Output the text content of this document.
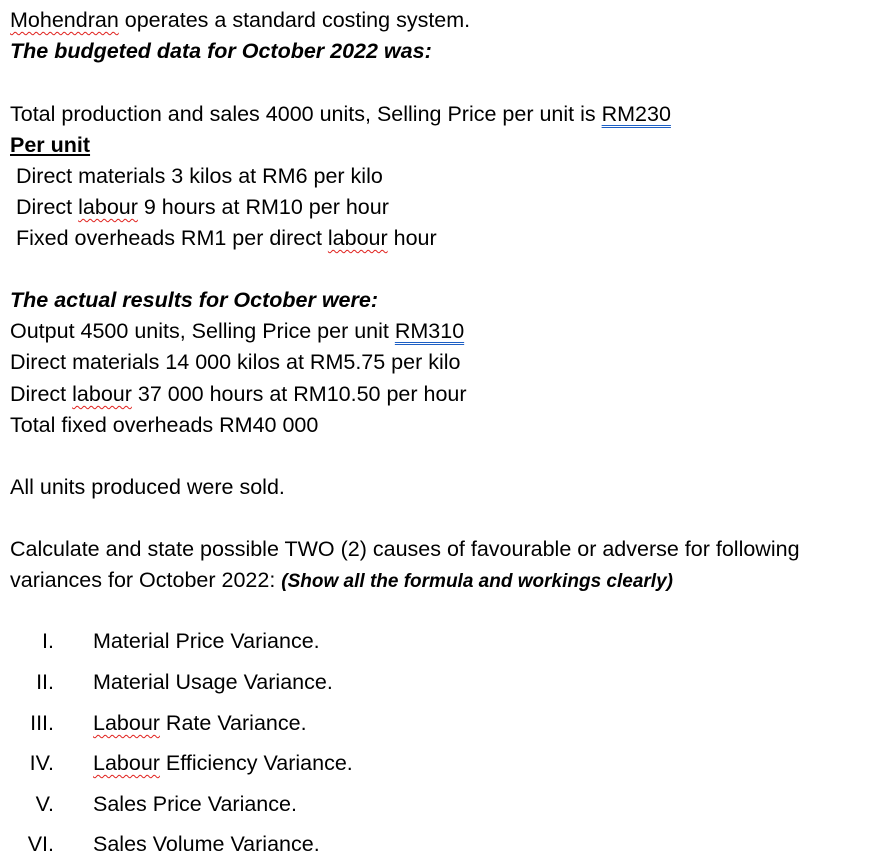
Mohendran operates a standard costing system.
The budgeted data for October 2022 was:
Total production and sales 4000 units, Selling Price per unit is RM230
Per unit
Direct materials 3 kilos at RM6 per kilo
Direct labour 9 hours at RM10 per hour
Fixed overheads RM1 per direct labour hour
The actual results for October were:
Output 4500 units, Selling Price per unit RM310
Direct materials 14 000 kilos at RM5.75 per kilo
Direct labour 37 000 hours at RM10.50 per hour
Total fixed overheads RM40 000
All units produced were sold.
Calculate and state possible TWO (2) causes of favourable or adverse for following
variances for October 2022: (Show all the formula and workings clearly)
I. Material Price Variance.
II. Material Usage Variance.
III. Labour Rate Variance.
IV. Labour Efficiency Variance.
V. Sales Price Variance.
VI. Sales Volume Variance.
